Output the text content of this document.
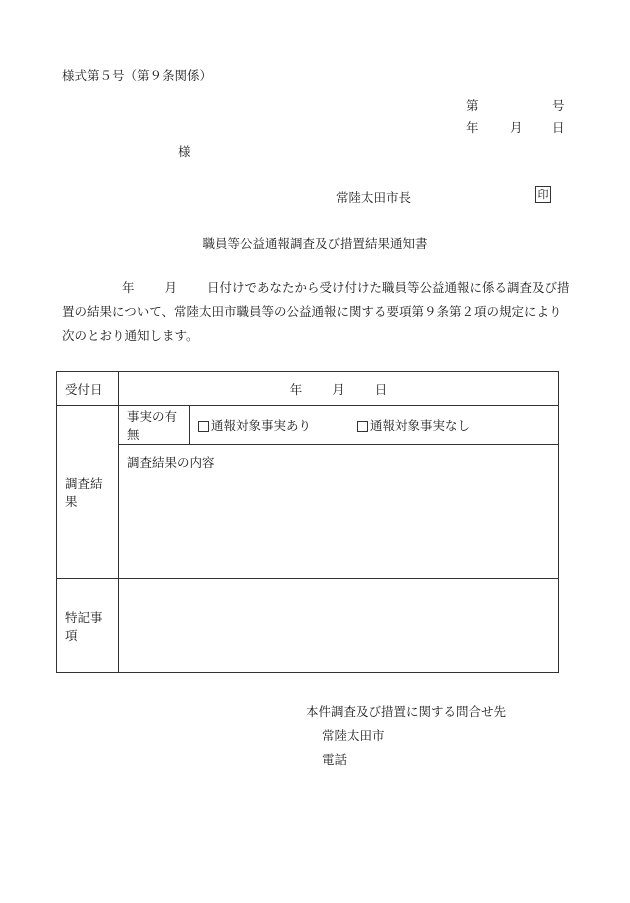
様式第５号（第９条関係）
第	号
年	月 日
様
常陸太田市長	印
職員等公益通報調査及び措置結果通知書
年 月 日付けであなたから受け付けた職員等公益通報に係る調査及び措置の結果について、常陸太田市職員等の公益通報に関する要項第９条第２項の規定により次のとおり通知します。
受付日	年 月 日	
調査結果	事実の有無	通報対象事実あり 通報対象事実なし

	調査結果の内容	

特記事項		
本件調査及び措置に関する問合せ先
常陸太田市
電話
